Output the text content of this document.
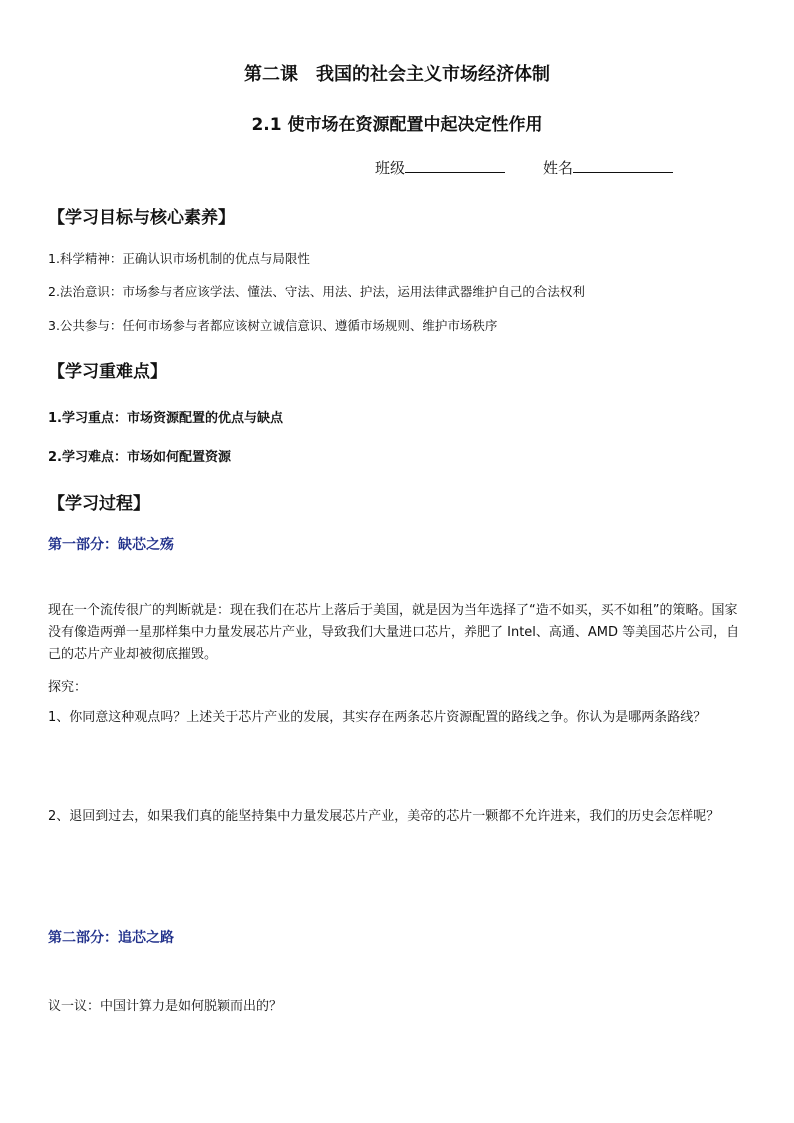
第二课　我国的社会主义市场经济体制
2.1 使市场在资源配置中起决定性作用
班级	姓名
【学习目标与核心素养】
1.科学精神：正确认识市场机制的优点与局限性
2.法治意识：市场参与者应该学法、懂法、守法、用法、护法，运用法律武器维护自己的合法权利
3.公共参与：任何市场参与者都应该树立诚信意识、遵循市场规则、维护市场秩序
【学习重难点】
1.学习重点：市场资源配置的优点与缺点
2.学习难点：市场如何配置资源
【学习过程】
第一部分：缺芯之殇

现在一个流传很广的判断就是：现在我们在芯片上落后于美国，就是因为当年选择了“造不如买，买不如租”的策略。国家没有像造两弹一星那样集中力量发展芯片产业，导致我们大量进口芯片，养肥了 Intel、高通、AMD 等美国芯片公司，自己的芯片产业却被彻底摧毁。

探究：

1、你同意这种观点吗？上述关于芯片产业的发展，其实存在两条芯片资源配置的路线之争。你认为是哪两条路线？

2、退回到过去，如果我们真的能坚持集中力量发展芯片产业，美帝的芯片一颗都不允许进来，我们的历史会怎样呢？

第二部分：追芯之路
议一议：中国计算力是如何脱颖而出的？
